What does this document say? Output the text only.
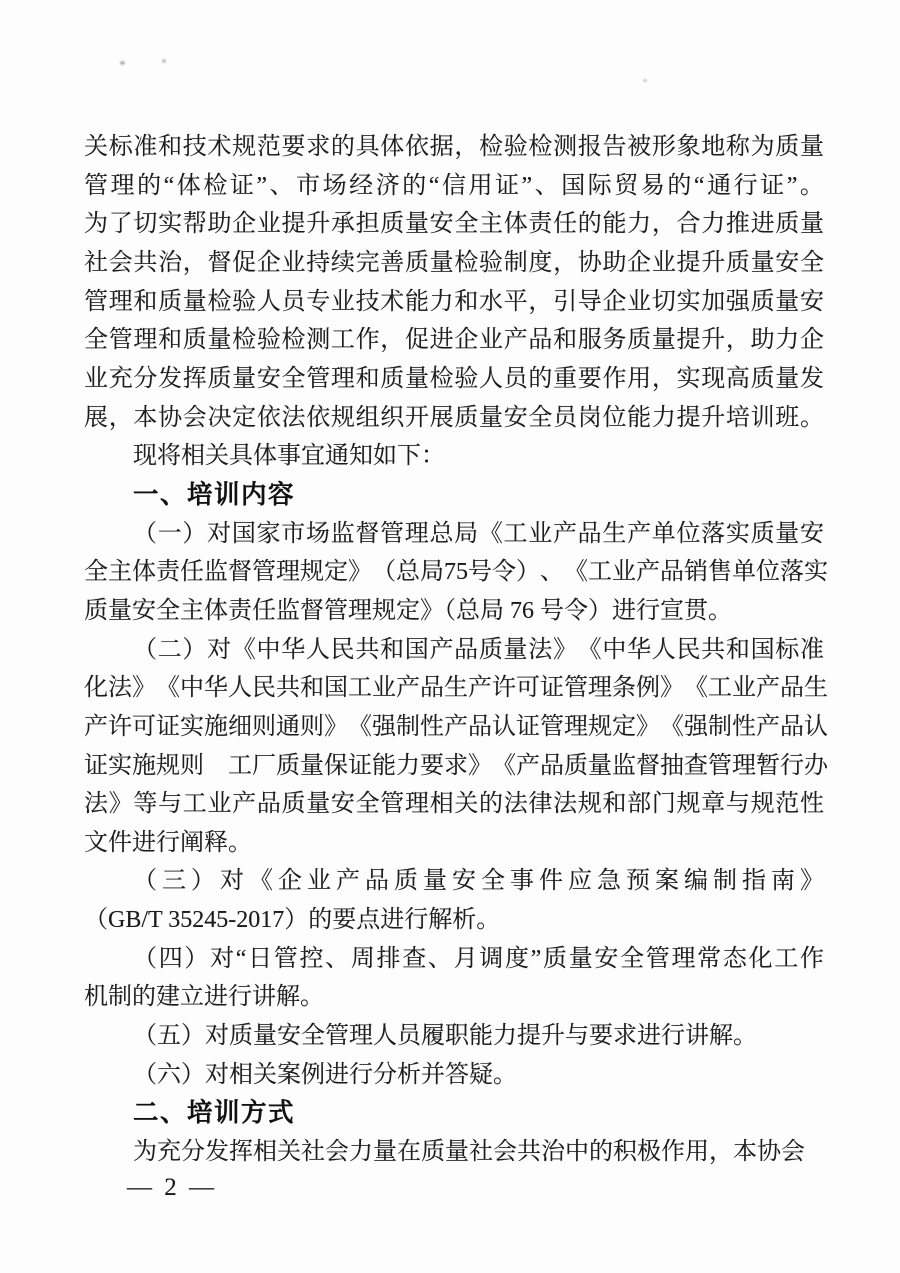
关 标 准 和 技 术 规 范 要 求 的 具 体 依 据 ， 检 验 检 测 报 告 被 形 象 地 称 为 质 量
管 理 的 “ 体 检 证 ” 、 市 场 经 济 的 “ 信 用 证 ” 、 国 际 贸 易 的 “ 通 行 证 ” 。
为 了 切 实 帮 助 企 业 提 升 承 担 质 量 安 全 主 体 责 任 的 能 力 ， 合 力 推 进 质 量
社 会 共 治 ， 督 促 企 业 持 续 完 善 质 量 检 验 制 度 ， 协 助 企 业 提 升 质 量 安 全
管 理 和 质 量 检 验 人 员 专 业 技 术 能 力 和 水 平 ， 引 导 企 业 切 实 加 强 质 量 安
全 管 理 和 质 量 检 验 检 测 工 作 ， 促 进 企 业 产 品 和 服 务 质 量 提 升 ， 助 力 企
业 充 分 发 挥 质 量 安 全 管 理 和 质 量 检 验 人 员 的 重 要 作 用 ， 实 现 高 质 量 发
展 ， 本 协 会 决 定 依 法 依 规 组 织 开 展 质 量 安 全 员 岗 位 能 力 提 升 培 训 班 。
现将相关具体事宜通知如下：
一、培训内容
（ 一 ） 对 国 家 市 场 监 督 管 理 总 局 《 工 业 产 品 生 产 单 位 落 实 质 量 安
全 主 体 责 任 监 督 管 理 规 定 》 （ 总 局 75 号 令 ） 、 《 工 业 产 品 销 售 单 位 落 实
质量安全主体责任监督管理规定》（总局 76 号令）进行宣贯。
（ 二 ） 对 《 中 华 人 民 共 和 国 产 品 质 量 法 》 《 中 华 人 民 共 和 国 标 准
化 法 》 《 中 华 人 民 共 和 国 工 业 产 品 生 产 许 可 证 管 理 条 例 》 《 工 业 产 品 生
产 许 可 证 实 施 细 则 通 则 》 《 强 制 性 产 品 认 证 管 理 规 定 》 《 强 制 性 产 品 认
证 实 施 规 则
　 工 厂 质 量 保 证 能 力 要 求 》 《 产 品 质 量 监 督 抽 查 管 理 暂 行 办
法 》 等 与 工 业 产 品 质 量 安 全 管 理 相 关 的 法 律 法 规 和 部 门 规 章 与 规 范 性
文件进行阐释。
（ 三 ） 对 《 企 业 产 品 质 量 安 全 事 件 应 急 预 案 编 制 指 南 》
（GB/T 35245-2017）的要点进行解析。
（ 四 ） 对 “ 日 管 控 、 周 排 查 、 月 调 度 ” 质 量 安 全 管 理 常 态 化 工 作
机制的建立进行讲解。
（五）对质量安全管理人员履职能力提升与要求进行讲解。
（六）对相关案例进行分析并答疑。
二、培训方式
为充分发挥相关社会力量在质量社会共治中的积极作用，本协会
— 2 —
